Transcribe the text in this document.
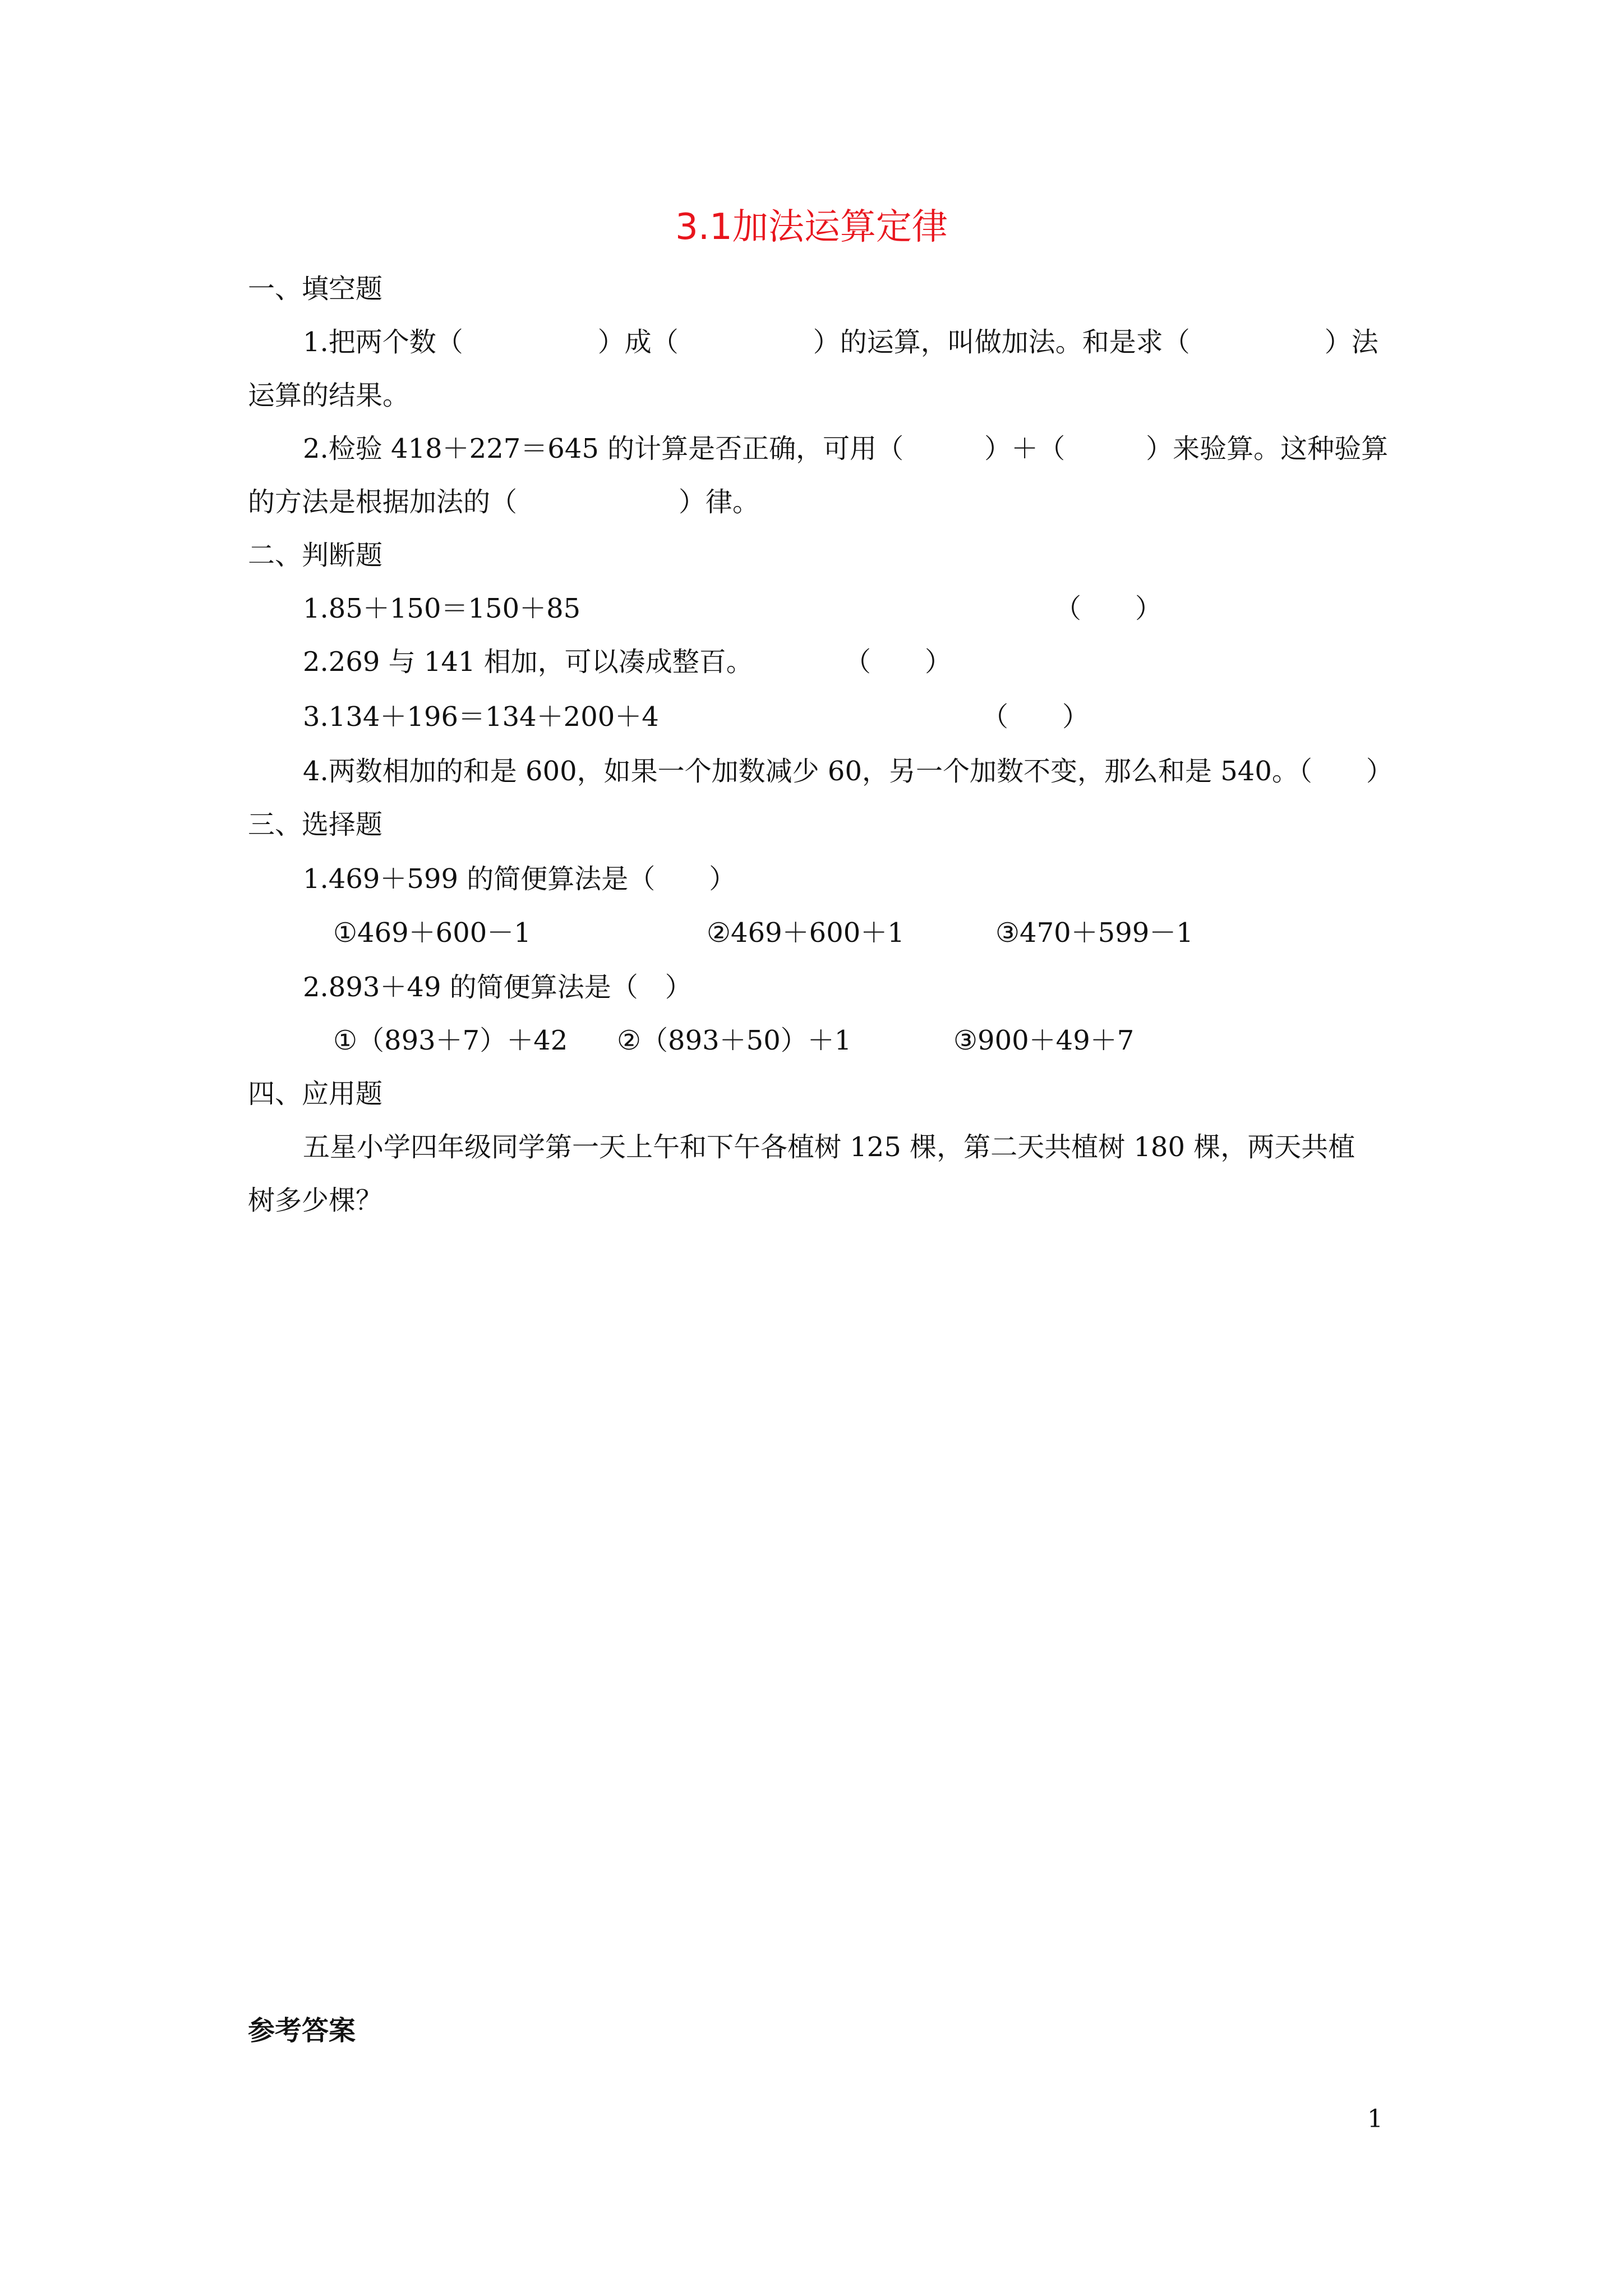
3.1加法运算定律
一、填空题
1.把两个数（　　　　　）成（　　　　　）的运算，叫做加法。和是求（　　　　　）法
运算的结果。
2.检验 418＋227＝645 的计算是否正确，可用（　　　）＋（　　　）来验算。这种验算
的方法是根据加法的（　　　　　　）律。
二、判断题
1.85＋150＝150＋85	（　　）
2.269 与 141 相加，可以凑成整百。	（　　）
3.134＋196＝134＋200＋4	（　　）
4.两数相加的和是 600，如果一个加数减少 60，另一个加数不变，那么和是 540。（　　）
三、选择题
1.469＋599 的简便算法是（　　）
①469＋600－1	②469＋600＋1	③470＋599－1
2.893＋49 的简便算法是（　）
①（893＋7）＋42 ②（893＋50）＋1	③900＋49＋7
四、应用题
五星小学四年级同学第一天上午和下午各植树 125 棵，第二天共植树 180 棵，两天共植
树多少棵？
参考答案
1
